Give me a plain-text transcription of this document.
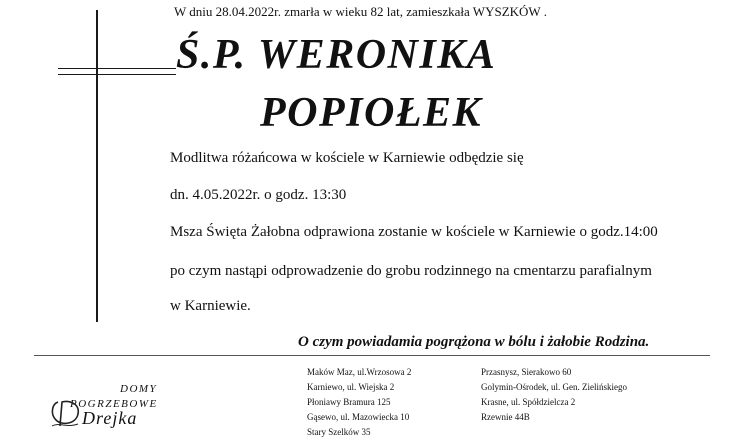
W dniu 28.04.2022r. zmarła w wieku 82 lat, zamieszkała WYSZKÓW .
Ś.P. WERONIKA
POPIOŁEK
Modlitwa różańcowa w kościele w Karniewie odbędzie się
dn. 4.05.2022r. o godz. 13:30
Msza Święta Żałobna odprawiona zostanie w kościele w Karniewie o godz.14:00
po czym nastąpi odprowadzenie do grobu rodzinnego na cmentarzu parafialnym
w Karniewie.
O czym powiadamia pogrążona w bólu i żałobie Rodzina.
DOMY
POGRZEBOWE
Drejka
Maków Maz, ul.Wrzosowa 2
Karniewo, ul. Wiejska 2
Płoniawy Bramura 125
Gąsewo, ul. Mazowiecka 10
Stary Szelków 35
Przasnysz, Sierakowo 60
Golymin-Ośrodek, ul. Gen. Zielińskiego
Krasne, ul. Spółdzielcza 2
Rzewnie 44B
